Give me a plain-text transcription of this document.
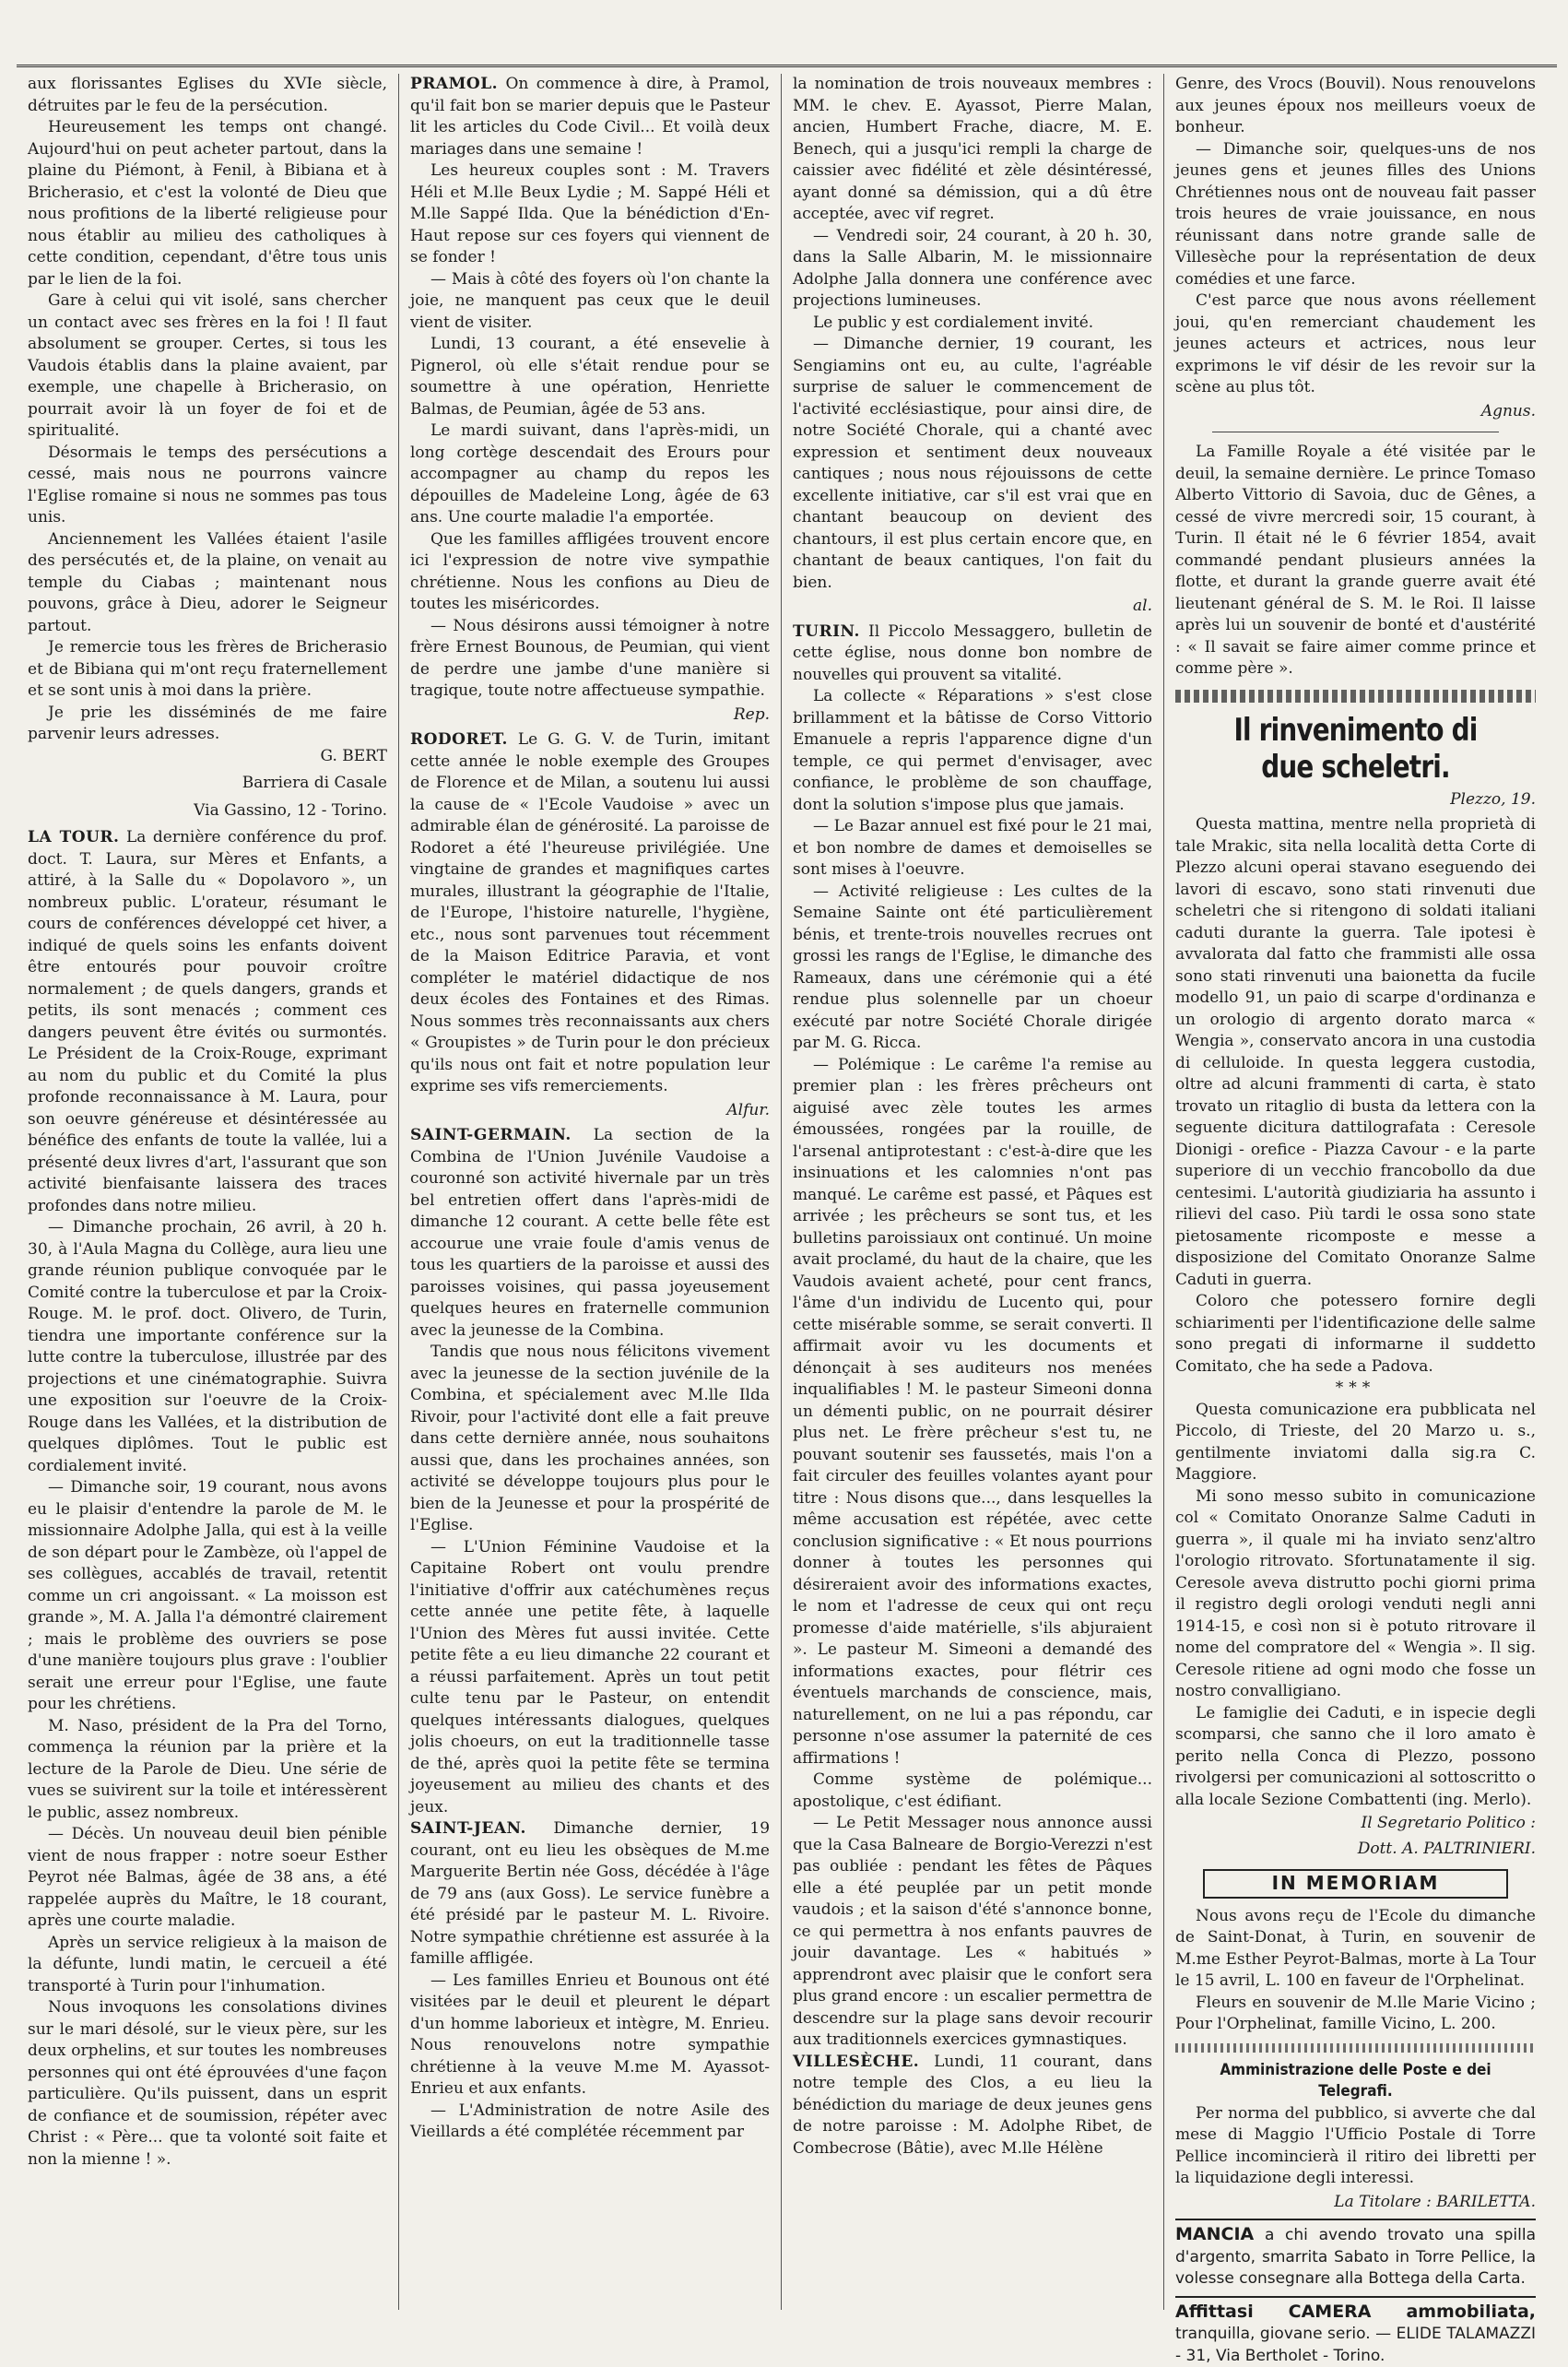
aux florissantes Eglises du XVIe siècle, détruites par le feu de la persécution.

Heureusement les temps ont changé. Aujourd'hui on peut acheter partout, dans la plaine du Piémont, à Fenil, à Bibiana et à Bricherasio, et c'est la volonté de Dieu que nous profitions de la liberté religieuse pour nous établir au milieu des catholiques à cette condition, cependant, d'être tous unis par le lien de la foi.

Gare à celui qui vit isolé, sans chercher un contact avec ses frères en la foi ! Il faut absolument se grouper. Certes, si tous les Vaudois établis dans la plaine avaient, par exemple, une chapelle à Bricherasio, on pourrait avoir là un foyer de foi et de spiritualité.

Désormais le temps des persécutions a cessé, mais nous ne pourrons vaincre l'Eglise romaine si nous ne sommes pas tous unis.

Anciennement les Vallées étaient l'asile des persécutés et, de la plaine, on venait au temple du Ciabas ; maintenant nous pouvons, grâce à Dieu, adorer le Seigneur partout.

Je remercie tous les frères de Bricherasio et de Bibiana qui m'ont reçu fraternellement et se sont unis à moi dans la prière.

Je prie les disséminés de me faire parvenir leurs adresses.

G. BERT
Barriera di Casale
Via Gassino, 12 - Torino.

LA TOUR. La dernière conférence du prof. doct. T. Laura, sur Mères et Enfants, a attiré, à la Salle du « Dopolavoro », un nombreux public. L'orateur, résumant le cours de conférences développé cet hiver, a indiqué de quels soins les enfants doivent être entourés pour pouvoir croître normalement ; de quels dangers, grands et petits, ils sont menacés ; comment ces dangers peuvent être évités ou surmontés. Le Président de la Croix-Rouge, exprimant au nom du public et du Comité la plus profonde reconnaissance à M. Laura, pour son oeuvre généreuse et désintéressée au bénéfice des enfants de toute la vallée, lui a présenté deux livres d'art, l'assurant que son activité bienfaisante laissera des traces profondes dans notre milieu.

— Dimanche prochain, 26 avril, à 20 h. 30, à l'Aula Magna du Collège, aura lieu une grande réunion publique convoquée par le Comité contre la tuberculose et par la Croix-Rouge. M. le prof. doct. Olivero, de Turin, tiendra une importante conférence sur la lutte contre la tuberculose, illustrée par des projections et une cinématographie. Suivra une exposition sur l'oeuvre de la Croix-Rouge dans les Vallées, et la distribution de quelques diplômes. Tout le public est cordialement invité.

— Dimanche soir, 19 courant, nous avons eu le plaisir d'entendre la parole de M. le missionnaire Adolphe Jalla, qui est à la veille de son départ pour le Zambèze, où l'appel de ses collègues, accablés de travail, retentit comme un cri angoissant. « La moisson est grande », M. A. Jalla l'a démontré clairement ; mais le problème des ouvriers se pose d'une manière toujours plus grave : l'oublier serait une erreur pour l'Eglise, une faute pour les chrétiens.

M. Naso, président de la Pra del Torno, commença la réunion par la prière et la lecture de la Parole de Dieu. Une série de vues se suivirent sur la toile et intéressèrent le public, assez nombreux.

— Décès. Un nouveau deuil bien pénible vient de nous frapper : notre soeur Esther Peyrot née Balmas, âgée de 38 ans, a été rappelée auprès du Maître, le 18 courant, après une courte maladie.

Après un service religieux à la maison de la défunte, lundi matin, le cercueil a été transporté à Turin pour l'inhumation.

Nous invoquons les consolations divines sur le mari désolé, sur le vieux père, sur les deux orphelins, et sur toutes les nombreuses personnes qui ont été éprouvées d'une façon particulière. Qu'ils puissent, dans un esprit de confiance et de soumission, répéter avec Christ : « Père... que ta volonté soit faite et non la mienne ! ».

PRAMOL. On commence à dire, à Pramol, qu'il fait bon se marier depuis que le Pasteur lit les articles du Code Civil... Et voilà deux mariages dans une semaine !

Les heureux couples sont : M. Travers Héli et M.lle Beux Lydie ; M. Sappé Héli et M.lle Sappé Ilda. Que la bénédiction d'En-Haut repose sur ces foyers qui viennent de se fonder !

— Mais à côté des foyers où l'on chante la joie, ne manquent pas ceux que le deuil vient de visiter.

Lundi, 13 courant, a été ensevelie à Pignerol, où elle s'était rendue pour se soumettre à une opération, Henriette Balmas, de Peumian, âgée de 53 ans.

Le mardi suivant, dans l'après-midi, un long cortège descendait des Erours pour accompagner au champ du repos les dépouilles de Madeleine Long, âgée de 63 ans. Une courte maladie l'a emportée.

Que les familles affligées trouvent encore ici l'expression de notre vive sympathie chrétienne. Nous les confions au Dieu de toutes les miséricordes.

— Nous désirons aussi témoigner à notre frère Ernest Bounous, de Peumian, qui vient de perdre une jambe d'une manière si tragique, toute notre affectueuse sympathie.

Rep.

RODORET. Le G. G. V. de Turin, imitant cette année le noble exemple des Groupes de Florence et de Milan, a soutenu lui aussi la cause de « l'Ecole Vaudoise » avec un admirable élan de générosité. La paroisse de Rodoret a été l'heureuse privilégiée. Une vingtaine de grandes et magnifiques cartes murales, illustrant la géographie de l'Italie, de l'Europe, l'histoire naturelle, l'hygiène, etc., nous sont parvenues tout récemment de la Maison Editrice Paravia, et vont compléter le matériel didactique de nos deux écoles des Fontaines et des Rimas. Nous sommes très reconnaissants aux chers « Groupistes » de Turin pour le don précieux qu'ils nous ont fait et notre population leur exprime ses vifs remerciements.

Alfur.

SAINT-GERMAIN. La section de la Combina de l'Union Juvénile Vaudoise a couronné son activité hivernale par un très bel entretien offert dans l'après-midi de dimanche 12 courant. A cette belle fête est accourue une vraie foule d'amis venus de tous les quartiers de la paroisse et aussi des paroisses voisines, qui passa joyeusement quelques heures en fraternelle communion avec la jeunesse de la Combina.

Tandis que nous nous félicitons vivement avec la jeunesse de la section juvénile de la Combina, et spécialement avec M.lle Ilda Rivoir, pour l'activité dont elle a fait preuve dans cette dernière année, nous souhaitons aussi que, dans les prochaines années, son activité se développe toujours plus pour le bien de la Jeunesse et pour la prospérité de l'Eglise.

— L'Union Féminine Vaudoise et la Capitaine Robert ont voulu prendre l'initiative d'offrir aux catéchumènes reçus cette année une petite fête, à laquelle l'Union des Mères fut aussi invitée. Cette petite fête a eu lieu dimanche 22 courant et a réussi parfaitement. Après un tout petit culte tenu par le Pasteur, on entendit quelques intéressants dialogues, quelques jolis choeurs, on eut la traditionnelle tasse de thé, après quoi la petite fête se termina joyeusement au milieu des chants et des jeux.

SAINT-JEAN. Dimanche dernier, 19 courant, ont eu lieu les obsèques de M.me Marguerite Bertin née Goss, décédée à l'âge de 79 ans (aux Goss). Le service funèbre a été présidé par le pasteur M. L. Rivoire. Notre sympathie chrétienne est assurée à la famille affligée.

— Les familles Enrieu et Bounous ont été visitées par le deuil et pleurent le départ d'un homme laborieux et intègre, M. Enrieu. Nous renouvelons notre sympathie chrétienne à la veuve M.me M. Ayassot-Enrieu et aux enfants.

— L'Administration de notre Asile des Vieillards a été complétée récemment par

la nomination de trois nouveaux membres : MM. le chev. E. Ayassot, Pierre Malan, ancien, Humbert Frache, diacre, M. E. Benech, qui a jusqu'ici rempli la charge de caissier avec fidélité et zèle désintéressé, ayant donné sa démission, qui a dû être acceptée, avec vif regret.

— Vendredi soir, 24 courant, à 20 h. 30, dans la Salle Albarin, M. le missionnaire Adolphe Jalla donnera une conférence avec projections lumineuses.

Le public y est cordialement invité.

— Dimanche dernier, 19 courant, les Sengiamins ont eu, au culte, l'agréable surprise de saluer le commencement de l'activité ecclésiastique, pour ainsi dire, de notre Société Chorale, qui a chanté avec expression et sentiment deux nouveaux cantiques ; nous nous réjouissons de cette excellente initiative, car s'il est vrai que en chantant beaucoup on devient des chantours, il est plus certain encore que, en chantant de beaux cantiques, l'on fait du bien.

al.

TURIN. Il Piccolo Messaggero, bulletin de cette église, nous donne bon nombre de nouvelles qui prouvent sa vitalité.

La collecte « Réparations » s'est close brillamment et la bâtisse de Corso Vittorio Emanuele a repris l'apparence digne d'un temple, ce qui permet d'envisager, avec confiance, le problème de son chauffage, dont la solution s'impose plus que jamais.

— Le Bazar annuel est fixé pour le 21 mai, et bon nombre de dames et demoiselles se sont mises à l'oeuvre.

— Activité religieuse : Les cultes de la Semaine Sainte ont été particulièrement bénis, et trente-trois nouvelles recrues ont grossi les rangs de l'Eglise, le dimanche des Rameaux, dans une cérémonie qui a été rendue plus solennelle par un choeur exécuté par notre Société Chorale dirigée par M. G. Ricca.

— Polémique : Le carême l'a remise au premier plan : les frères prêcheurs ont aiguisé avec zèle toutes les armes émoussées, rongées par la rouille, de l'arsenal antiprotestant : c'est-à-dire que les insinuations et les calomnies n'ont pas manqué. Le carême est passé, et Pâques est arrivée ; les prêcheurs se sont tus, et les bulletins paroissiaux ont continué. Un moine avait proclamé, du haut de la chaire, que les Vaudois avaient acheté, pour cent francs, l'âme d'un individu de Lucento qui, pour cette misérable somme, se serait converti. Il affirmait avoir vu les documents et dénonçait à ses auditeurs nos menées inqualifiables ! M. le pasteur Simeoni donna un démenti public, on ne pourrait désirer plus net. Le frère prêcheur s'est tu, ne pouvant soutenir ses faussetés, mais l'on a fait circuler des feuilles volantes ayant pour titre : Nous disons que..., dans lesquelles la même accusation est répétée, avec cette conclusion significative : « Et nous pourrions donner à toutes les personnes qui désireraient avoir des informations exactes, le nom et l'adresse de ceux qui ont reçu promesse d'aide matérielle, s'ils abjuraient ». Le pasteur M. Simeoni a demandé des informations exactes, pour flétrir ces éventuels marchands de conscience, mais, naturellement, on ne lui a pas répondu, car personne n'ose assumer la paternité de ces affirmations !

Comme système de polémique... apostolique, c'est édifiant.

— Le Petit Messager nous annonce aussi que la Casa Balneare de Borgio-Verezzi n'est pas oubliée : pendant les fêtes de Pâques elle a été peuplée par un petit monde vaudois ; et la saison d'été s'annonce bonne, ce qui permettra à nos enfants pauvres de jouir davantage. Les « habitués » apprendront avec plaisir que le confort sera plus grand encore : un escalier permettra de descendre sur la plage sans devoir recourir aux traditionnels exercices gymnastiques.

VILLESÈCHE. Lundi, 11 courant, dans notre temple des Clos, a eu lieu la bénédiction du mariage de deux jeunes gens de notre paroisse : M. Adolphe Ribet, de Combecrose (Bâtie), avec M.lle Hélène

Genre, des Vrocs (Bouvil). Nous renouvelons aux jeunes époux nos meilleurs voeux de bonheur.

— Dimanche soir, quelques-uns de nos jeunes gens et jeunes filles des Unions Chrétiennes nous ont de nouveau fait passer trois heures de vraie jouissance, en nous réunissant dans notre grande salle de Villesèche pour la représentation de deux comédies et une farce.

C'est parce que nous avons réellement joui, qu'en remerciant chaudement les jeunes acteurs et actrices, nous leur exprimons le vif désir de les revoir sur la scène au plus tôt.

Agnus.

La Famille Royale a été visitée par le deuil, la semaine dernière. Le prince Tomaso Alberto Vittorio di Savoia, duc de Gênes, a cessé de vivre mercredi soir, 15 courant, à Turin. Il était né le 6 février 1854, avait commandé pendant plusieurs années la flotte, et durant la grande guerre avait été lieutenant général de S. M. le Roi. Il laisse après lui un souvenir de bonté et d'austérité : « Il savait se faire aimer comme prince et comme père ».

Il rinvenimento di due scheletri.
Plezzo, 19.

Questa mattina, mentre nella proprietà di tale Mrakic, sita nella località detta Corte di Plezzo alcuni operai stavano eseguendo dei lavori di escavo, sono stati rinvenuti due scheletri che si ritengono di soldati italiani caduti durante la guerra. Tale ipotesi è avvalorata dal fatto che frammisti alle ossa sono stati rinvenuti una baionetta da fucile modello 91, un paio di scarpe d'ordinanza e un orologio di argento dorato marca « Wengia », conservato ancora in una custodia di celluloide. In questa leggera custodia, oltre ad alcuni frammenti di carta, è stato trovato un ritaglio di busta da lettera con la seguente dicitura dattilografata : Ceresole Dionigi - orefice - Piazza Cavour - e la parte superiore di un vecchio francobollo da due centesimi. L'autorità giudiziaria ha assunto i rilievi del caso. Più tardi le ossa sono state pietosamente ricomposte e messe a disposizione del Comitato Onoranze Salme Caduti in guerra.

Coloro che potessero fornire degli schiarimenti per l'identificazione delle salme sono pregati di informarne il suddetto Comitato, che ha sede a Padova.

***

Questa comunicazione era pubblicata nel Piccolo, di Trieste, del 20 Marzo u. s., gentilmente inviatomi dalla sig.ra C. Maggiore.

Mi sono messo subito in comunicazione col « Comitato Onoranze Salme Caduti in guerra », il quale mi ha inviato senz'altro l'orologio ritrovato. Sfortunatamente il sig. Ceresole aveva distrutto pochi giorni prima il registro degli orologi venduti negli anni 1914-15, e così non si è potuto ritrovare il nome del compratore del « Wengia ». Il sig. Ceresole ritiene ad ogni modo che fosse un nostro convalligiano.

Le famiglie dei Caduti, e in ispecie degli scomparsi, che sanno che il loro amato è perito nella Conca di Plezzo, possono rivolgersi per comunicazioni al sottoscritto o alla locale Sezione Combattenti (ing. Merlo).

Il Segretario Politico :
Dott. A. PALTRINIERI.
IN MEMORIAM

Nous avons reçu de l'Ecole du dimanche de Saint-Donat, à Turin, en souvenir de M.me Esther Peyrot-Balmas, morte à La Tour le 15 avril, L. 100 en faveur de l'Orphelinat.

Fleurs en souvenir de M.lle Marie Vicino ; Pour l'Orphelinat, famille Vicino, L. 200.

Amministrazione delle Poste e dei Telegrafi.

Per norma del pubblico, si avverte che dal mese di Maggio l'Ufficio Postale di Torre Pellice incomincierà il ritiro dei libretti per la liquidazione degli interessi.

La Titolare : BARILETTA.
MANCIA a chi avendo trovato una spilla d'argento, smarrita Sabato in Torre Pellice, la volesse consegnare alla Bottega della Carta.
Affittasi CAMERA ammobiliata, tranquilla, giovane serio. — ELIDE TALAMAZZI - 31, Via Bertholet - Torino.
